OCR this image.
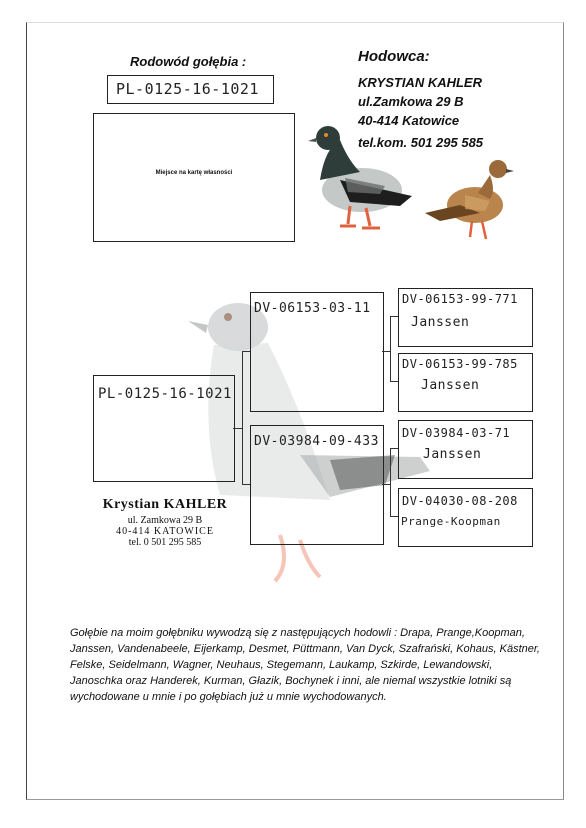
Rodowód gołębia :
PL-0125-16-1021
Miejsce na kartę własności
Hodowca:
KRYSTIAN KAHLER
ul.Zamkowa 29 B
40-414 Katowice
tel.kom. 501 295 585
PL-0125-16-1021
DV-06153-03-11
DV-03984-09-433
DV-06153-99-771
Janssen
DV-06153-99-785
Janssen
DV-03984-03-71
Janssen
DV-04030-08-208
Prange-Koopman
Krystian KAHLER
ul. Zamkowa 29 B
40-414 KATOWICE
tel. 0 501 295 585
Gołębie na moim gołębniku wywodzą się z następujących hodowli : Drapa, Prange,Koopman, Janssen, Vandenabeele, Eijerkamp, Desmet, Püttmann, Van Dyck, Szafrański, Kohaus, Kästner, Felske, Seidelmann, Wagner, Neuhaus, Stegemann, Laukamp, Szkirde, Lewandowski, Janoschka oraz Handerek, Kurman, Głazik, Bochynek i inni, ale niemal wszystkie lotniki są wychodowane u mnie i po gołębiach już u mnie wychodowanych.
